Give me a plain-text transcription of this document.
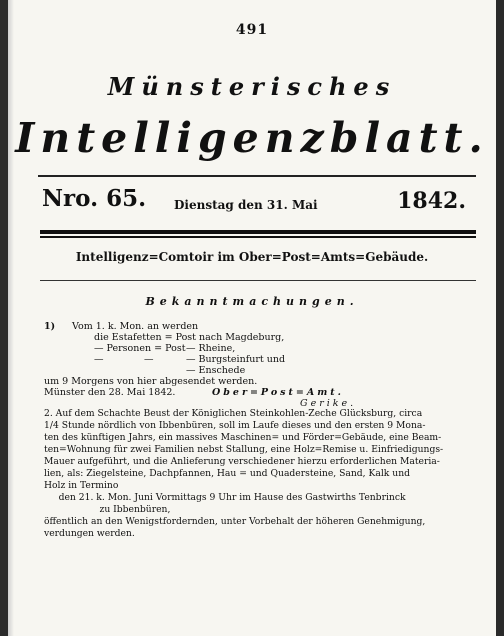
491
Münsterisches
Intelligenzblatt.
Nro. 65. Dienstag den 31. Mai	1842.
Intelligenz=Comtoir im Ober=Post=Amts=Gebäude.
Bekanntmachungen.
1) Vom 1. k. Mon. an werden
die Estafetten = Post nach Magdeburg,
— Personen = Post — Rheine,
—	—	— Burgsteinfurt und
— Enschede
um 9 Morgens von hier abgesendet werden.
Münster den 28. Mai 1842.	Ober=Post=Amt.
Gerike.
2. Auf dem Schachte Beust der Königlichen Steinkohlen-Zeche Glücksburg, circa
1/4 Stunde nördlich von Ibbenbüren, soll im Laufe dieses und den ersten 9 Mona-
ten des künftigen Jahrs, ein massives Maschinen= und Förder=Gebäude, eine Beam-
ten=Wohnung für zwei Familien nebst Stallung, eine Holz=Remise u. Einfriedigungs-
Mauer aufgeführt, und die Anlieferung verschiedener hierzu erforderlichen Materia-
lien, als: Ziegelsteine, Dachpfannen, Hau = und Quadersteine, Sand, Kalk und
Holz in Termino
den 21. k. Mon. Juni Vormittags 9 Uhr im Hause des Gastwirths Tenbrinck
zu Ibbenbüren,
öffentlich an den Wenigstfordernden, unter Vorbehalt der höheren Genehmigung,
verdungen werden.
